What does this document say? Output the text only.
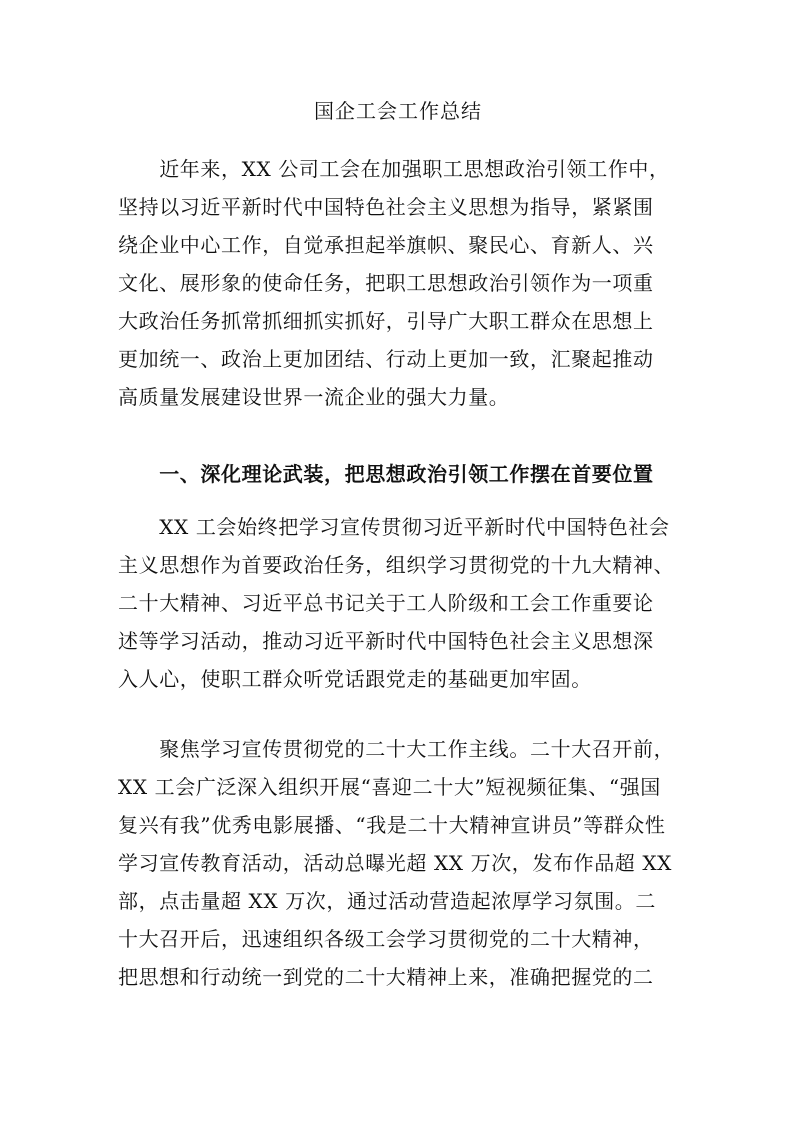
国企工会工作总结
　　近年来，XX 公司工会在加强职工思想政治引领工作中，
坚持以习近平新时代中国特色社会主义思想为指导，紧紧围
绕企业中心工作，自觉承担起举旗帜、聚民心、育新人、兴
文化、展形象的使命任务，把职工思想政治引领作为一项重
大政治任务抓常抓细抓实抓好，引导广大职工群众在思想上
更加统一、政治上更加团结、行动上更加一致，汇聚起推动
高质量发展建设世界一流企业的强大力量。
　　一、深化理论武装，把思想政治引领工作摆在首要位置
　　XX 工会始终把学习宣传贯彻习近平新时代中国特色社会
主义思想作为首要政治任务，组织学习贯彻党的十九大精神、
二十大精神、习近平总书记关于工人阶级和工会工作重要论
述等学习活动，推动习近平新时代中国特色社会主义思想深
入人心，使职工群众听党话跟党走的基础更加牢固。
　　聚焦学习宣传贯彻党的二十大工作主线。二十大召开前，
XX 工会广泛深入组织开展“喜迎二十大”短视频征集、“强国
复兴有我”优秀电影展播、“我是二十大精神宣讲员”等群众性
学习宣传教育活动，活动总曝光超 XX 万次，发布作品超 XX
部，点击量超 XX 万次，通过活动营造起浓厚学习氛围。二
十大召开后，迅速组织各级工会学习贯彻党的二十大精神，
把思想和行动统一到党的二十大精神上来，准确把握党的二
